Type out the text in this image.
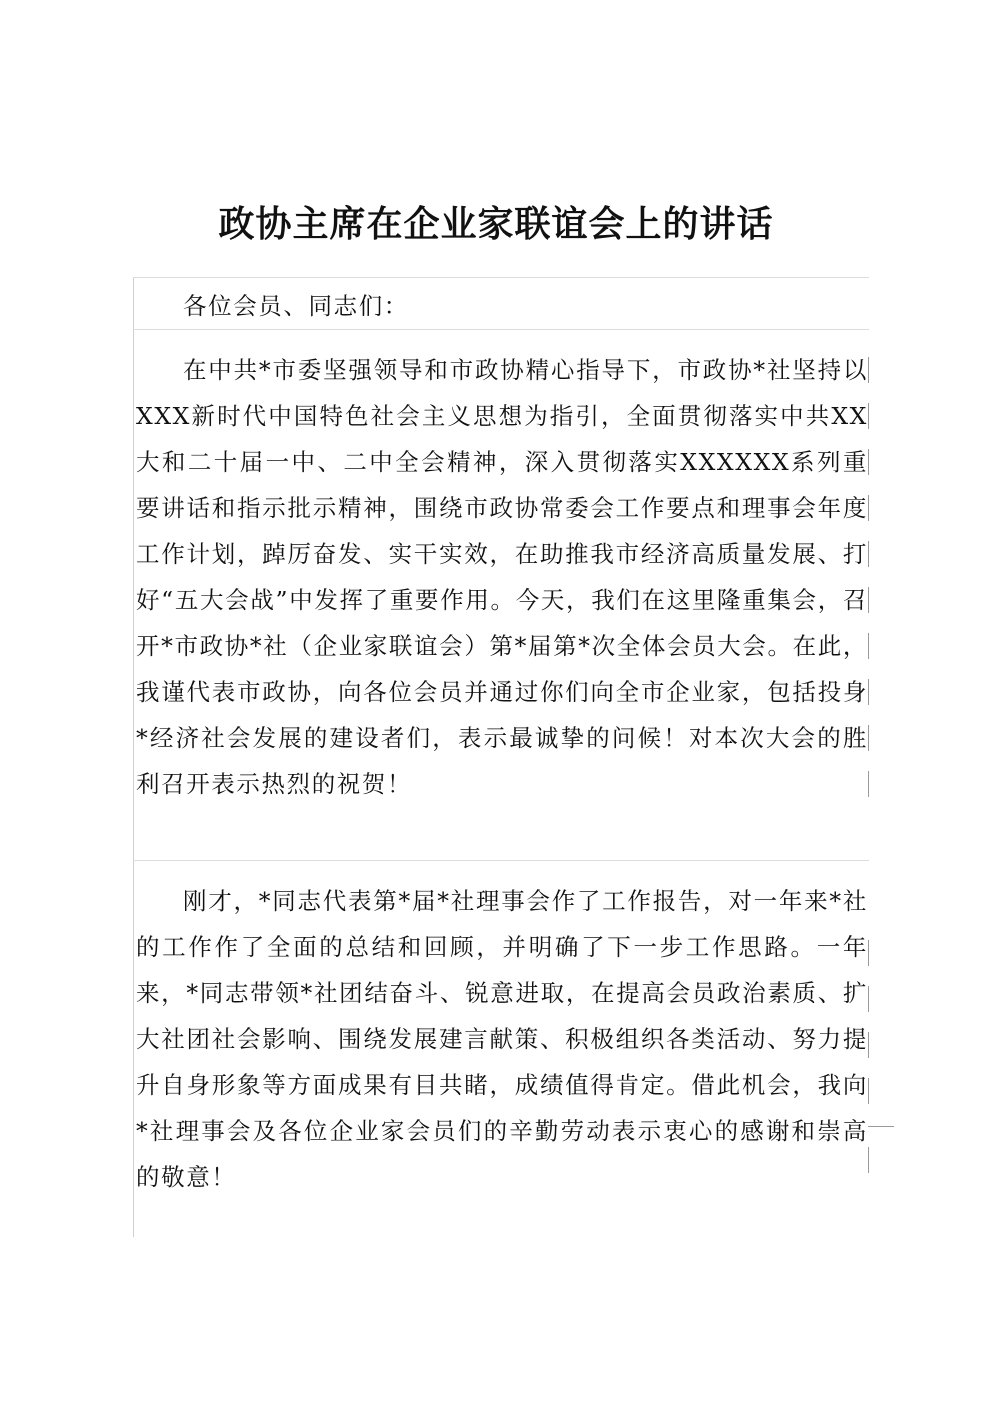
政协主席在企业家联谊会上的讲话

各位会员、同志们：

在中共*市委坚强领导和市政协精心指导下，市政协*社坚持以XXX新时代中国特色社会主义思想为指引，全面贯彻落实中共XX大和二十届一中、二中全会精神，深入贯彻落实XXXXXX系列重要讲话和指示批示精神，围绕市政协常委会工作要点和理事会年度工作计划，踔厉奋发、实干实效，在助推我市经济高质量发展、打好“五大会战”中发挥了重要作用。今天，我们在这里隆重集会，召开*市政协*社（企业家联谊会）第*届第*次全体会员大会。在此，我谨代表市政协，向各位会员并通过你们向全市企业家，包括投身*经济社会发展的建设者们，表示最诚挚的问候！对本次大会的胜利召开表示热烈的祝贺！

刚才，*同志代表第*届*社理事会作了工作报告，对一年来*社的工作作了全面的总结和回顾，并明确了下一步工作思路。一年来，*同志带领*社团结奋斗、锐意进取，在提高会员政治素质、扩大社团社会影响、围绕发展建言献策、积极组织各类活动、努力提升自身形象等方面成果有目共睹，成绩值得肯定。借此机会，我向*社理事会及各位企业家会员们的辛勤劳动表示衷心的感谢和崇高的敬意！
